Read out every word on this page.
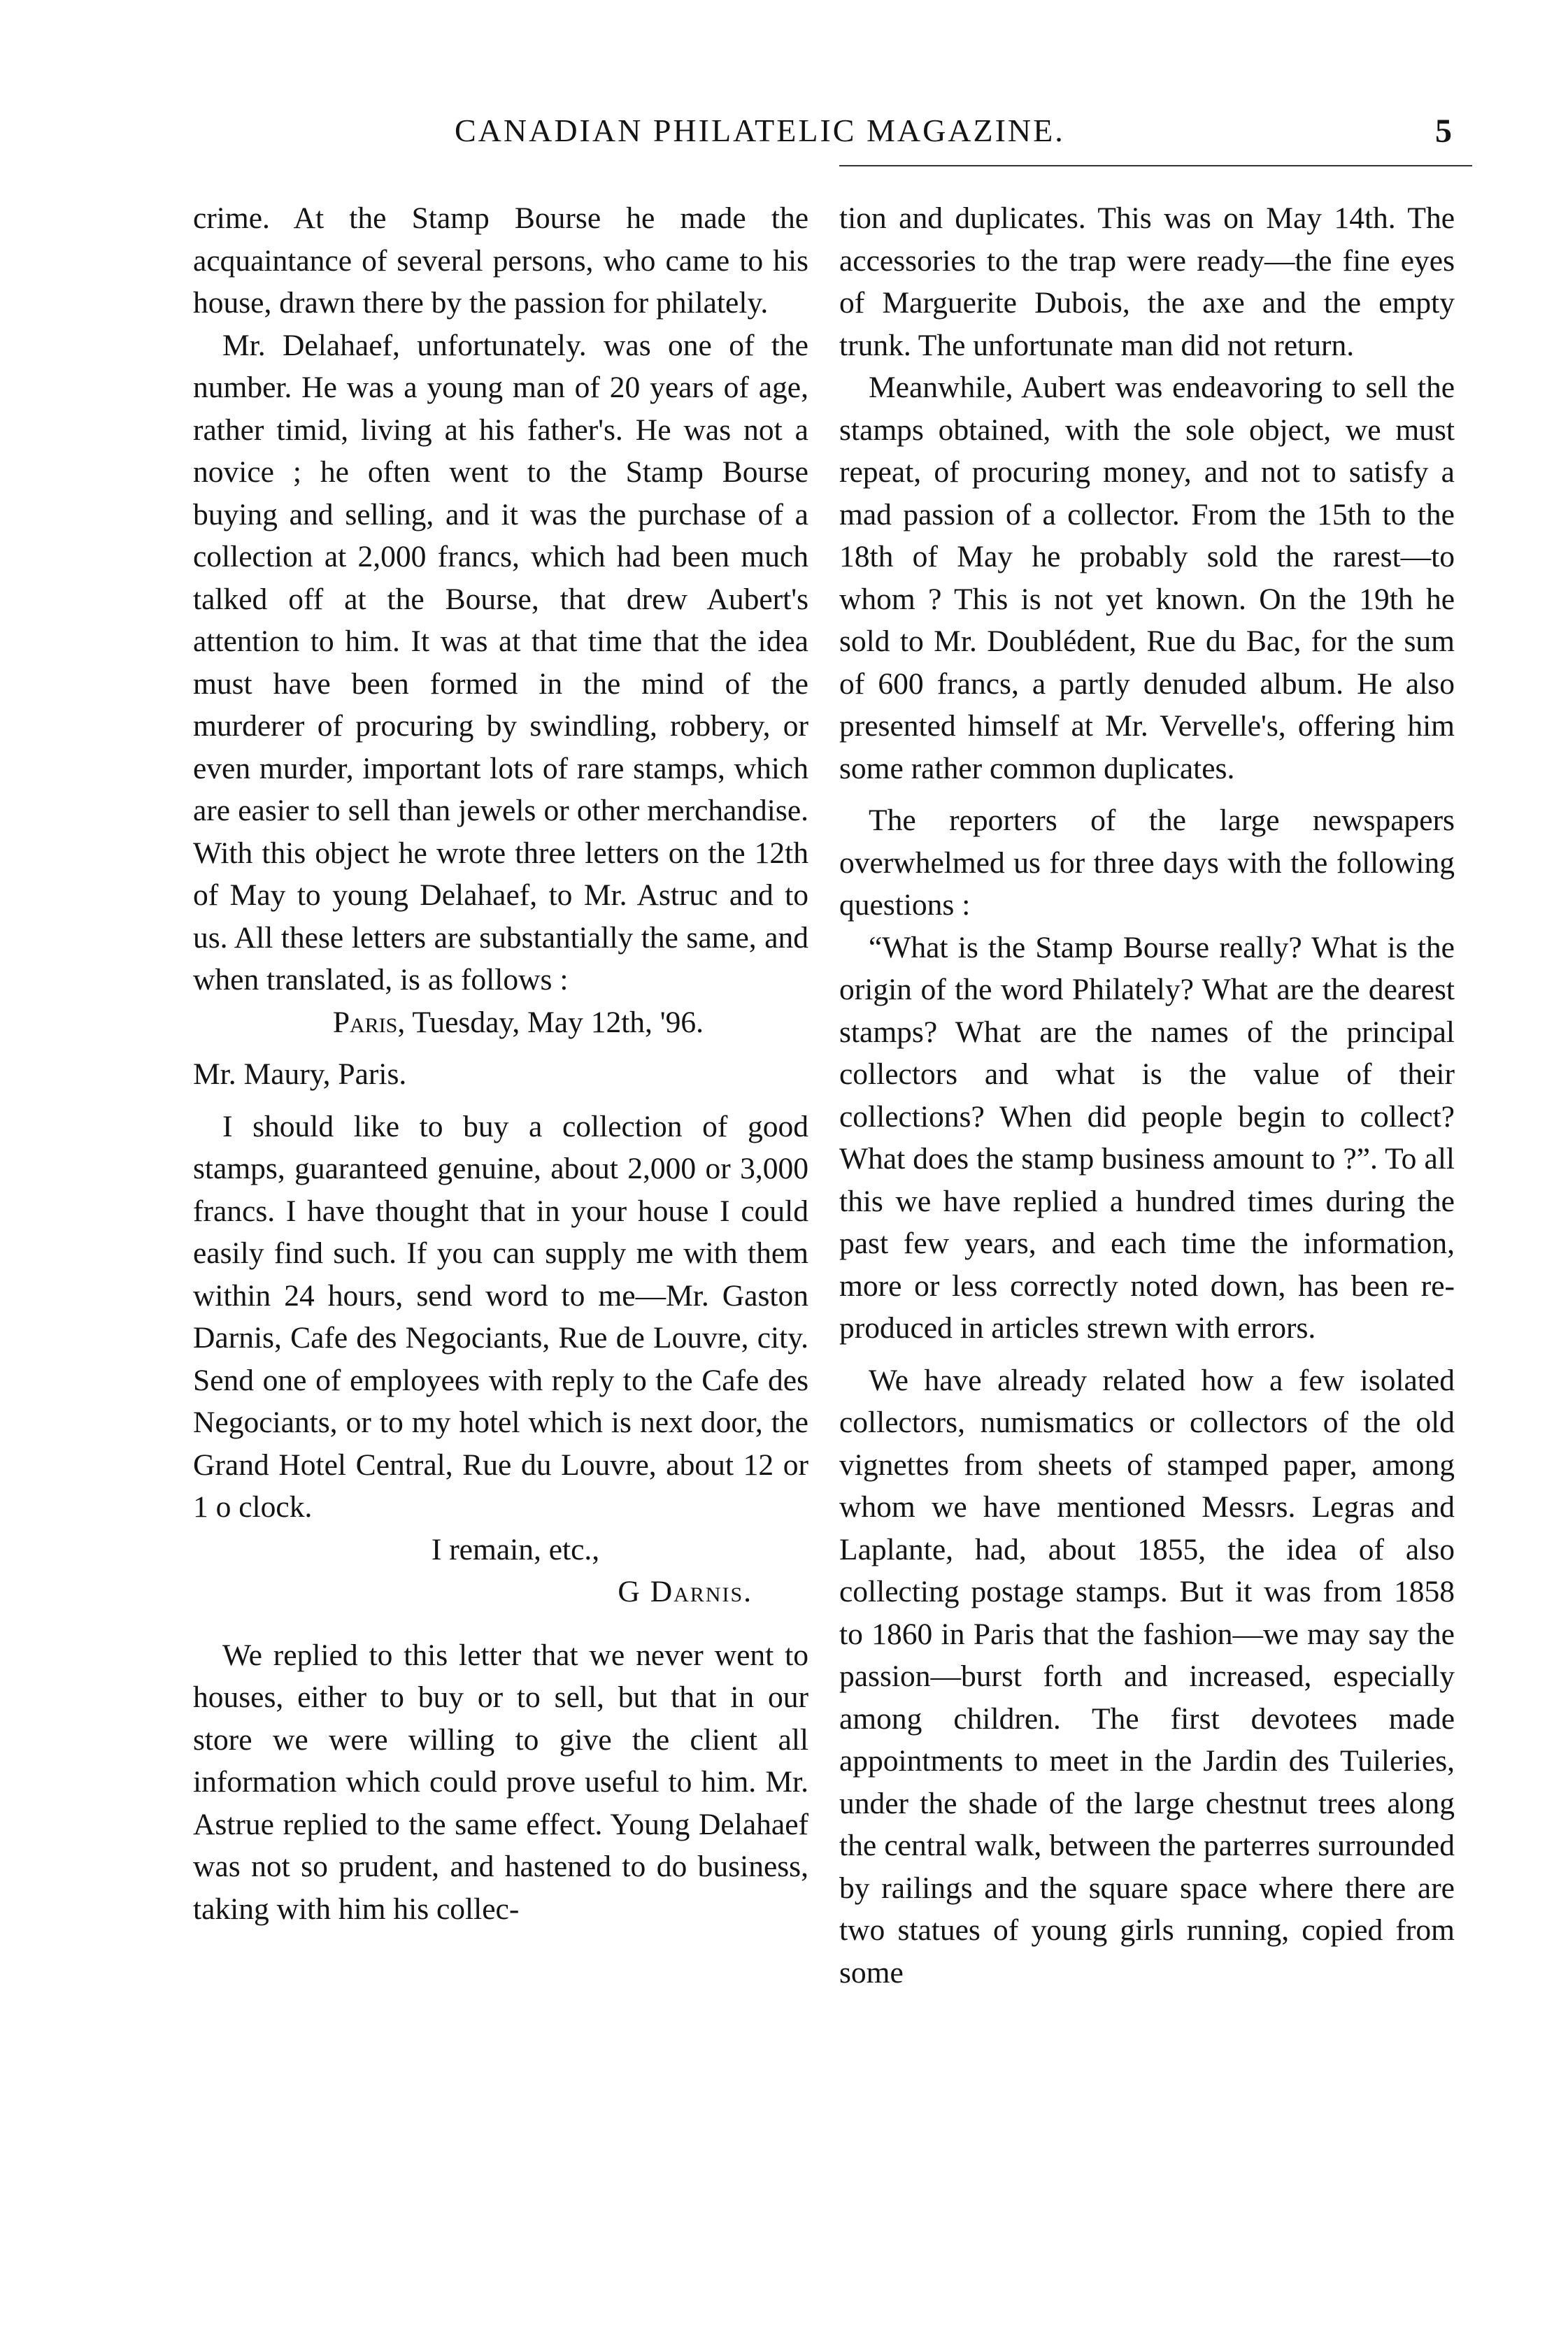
CANADIAN PHILATELIC MAGAZINE.	5

crime. At the Stamp Bourse he made the acquaintance of several persons, who came to his house, drawn there by the passion for philately.

Mr. Delahaef, unfortunately. was one of the number. He was a young man of 20 years of age, rather timid, living at his father's. He was not a novice ; he often went to the Stamp Bourse buying and selling, and it was the purchase of a collection at 2,000 francs, which had been much talked off at the Bourse, that drew Aubert's attention to him. It was at that time that the idea must have been formed in the mind of the murderer of procuring by swindling, robbery, or even murder, important lots of rare stamps, which are easier to sell than jewels or other merchandise. With this object he wrote three letters on the 12th of May to young Delahaef, to Mr. Astruc and to us. All these letters are substantially the same, and when translated, is as follows :

Paris, Tuesday, May 12th, '96.

Mr. Maury, Paris.

I should like to buy a collection of good stamps, guaranteed genuine, about 2,000 or 3,000 francs. I have thought that in your house I could easily find such. If you can supply me with them within 24 hours, send word to me—Mr. Gaston Darnis, Cafe des Negociants, Rue de Louvre, city. Send one of employees with reply to the Cafe des Negociants, or to my hotel which is next door, the Grand Hotel Central, Rue du Louvre, about 12 or 1 o clock.

I remain, etc.,

G Darnis.

We replied to this letter that we never went to houses, either to buy or to sell, but that in our store we were willing to give the client all information which could prove useful to him. Mr. Astrue replied to the same effect. Young Delahaef was not so prudent, and hastened to do business, taking with him his collec-

tion and duplicates. This was on May 14th. The accessories to the trap were ready—the fine eyes of Marguerite Dubois, the axe and the empty trunk. The unfortunate man did not return.

Meanwhile, Aubert was endeavoring to sell the stamps obtained, with the sole object, we must repeat, of procuring money, and not to satisfy a mad passion of a collector. From the 15th to the 18th of May he probably sold the rarest—to whom ? This is not yet known. On the 19th he sold to Mr. Doublédent, Rue du Bac, for the sum of 600 francs, a partly denuded album. He also presented himself at Mr. Vervelle's, offering him some rather common duplicates.

The reporters of the large newspapers overwhelmed us for three days with the following questions :

“What is the Stamp Bourse really? What is the origin of the word Philately? What are the dearest stamps? What are the names of the principal collectors and what is the value of their collections? When did people begin to collect? What does the stamp business amount to ?”. To all this we have replied a hundred times during the past few years, and each time the information, more or less correctly noted down, has been re-produced in articles strewn with errors.

We have already related how a few isolated collectors, numismatics or collectors of the old vignettes from sheets of stamped paper, among whom we have mentioned Messrs. Legras and Laplante, had, about 1855, the idea of also collecting postage stamps. But it was from 1858 to 1860 in Paris that the fashion—we may say the passion—burst forth and increased, especially among children. The first devotees made appointments to meet in the Jardin des Tuileries, under the shade of the large chestnut trees along the central walk, between the parterres surrounded by railings and the square space where there are two statues of young girls running, copied from some
